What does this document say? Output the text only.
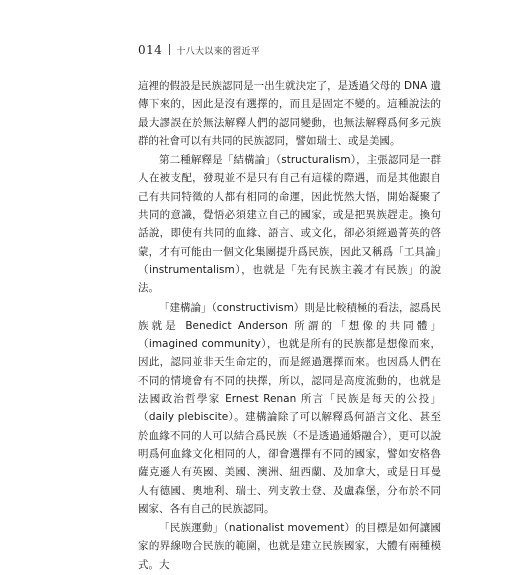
014 十八大以來的習近平

這裡的假設是民族認同是一出生就決定了，是透過父母的 DNA 遺傳下來的，因此是沒有選擇的，而且是固定不變的。這種說法的最大謬誤在於無法解釋人們的認同變動，也無法解釋爲何多元族群的社會可以有共同的民族認同，譬如瑞士、或是美國。

第二種解釋是「結構論」（structuralism），主張認同是一群人在被支配，發現並不是只有自己有這樣的際遇，而是其他跟自己有共同特徵的人都有相同的命運，因此恍然大悟，開始凝聚了共同的意識，覺悟必須建立自己的國家，或是把異族趕走。換句話說，即使有共同的血緣、語言、或文化，卻必須經過菁英的啓蒙，才有可能由一個文化集團提升爲民族，因此又稱爲「工具論」（instrumentalism），也就是「先有民族主義才有民族」的說法。

「建構論」（constructivism）則是比較積極的看法，認爲民族就是 Benedict Anderson 所謂的「想像的共同體」（imagined community），也就是所有的民族都是想像而來，因此，認同並非天生命定的，而是經過選擇而來。也因爲人們在不同的情境會有不同的抉擇，所以，認同是高度流動的，也就是法國政治哲學家 Ernest Renan 所言「民族是每天的公投」（daily plebiscite）。建構論除了可以解釋爲何語言文化、甚至於血緣不同的人可以結合爲民族（不是透過通婚融合），更可以說明爲何血緣文化相同的人，卻會選擇有不同的國家，譬如安格魯薩克遜人有英國、美國、澳洲、紐西蘭、及加拿大，或是日耳曼人有德國、奧地利、瑞士、列支敦士登、及盧森堡，分布於不同國家、各有自己的民族認同。

「民族運動」（nationalist movement）的目標是如何讓國家的界線吻合民族的範圍，也就是建立民族國家，大體有兩種模式。大
